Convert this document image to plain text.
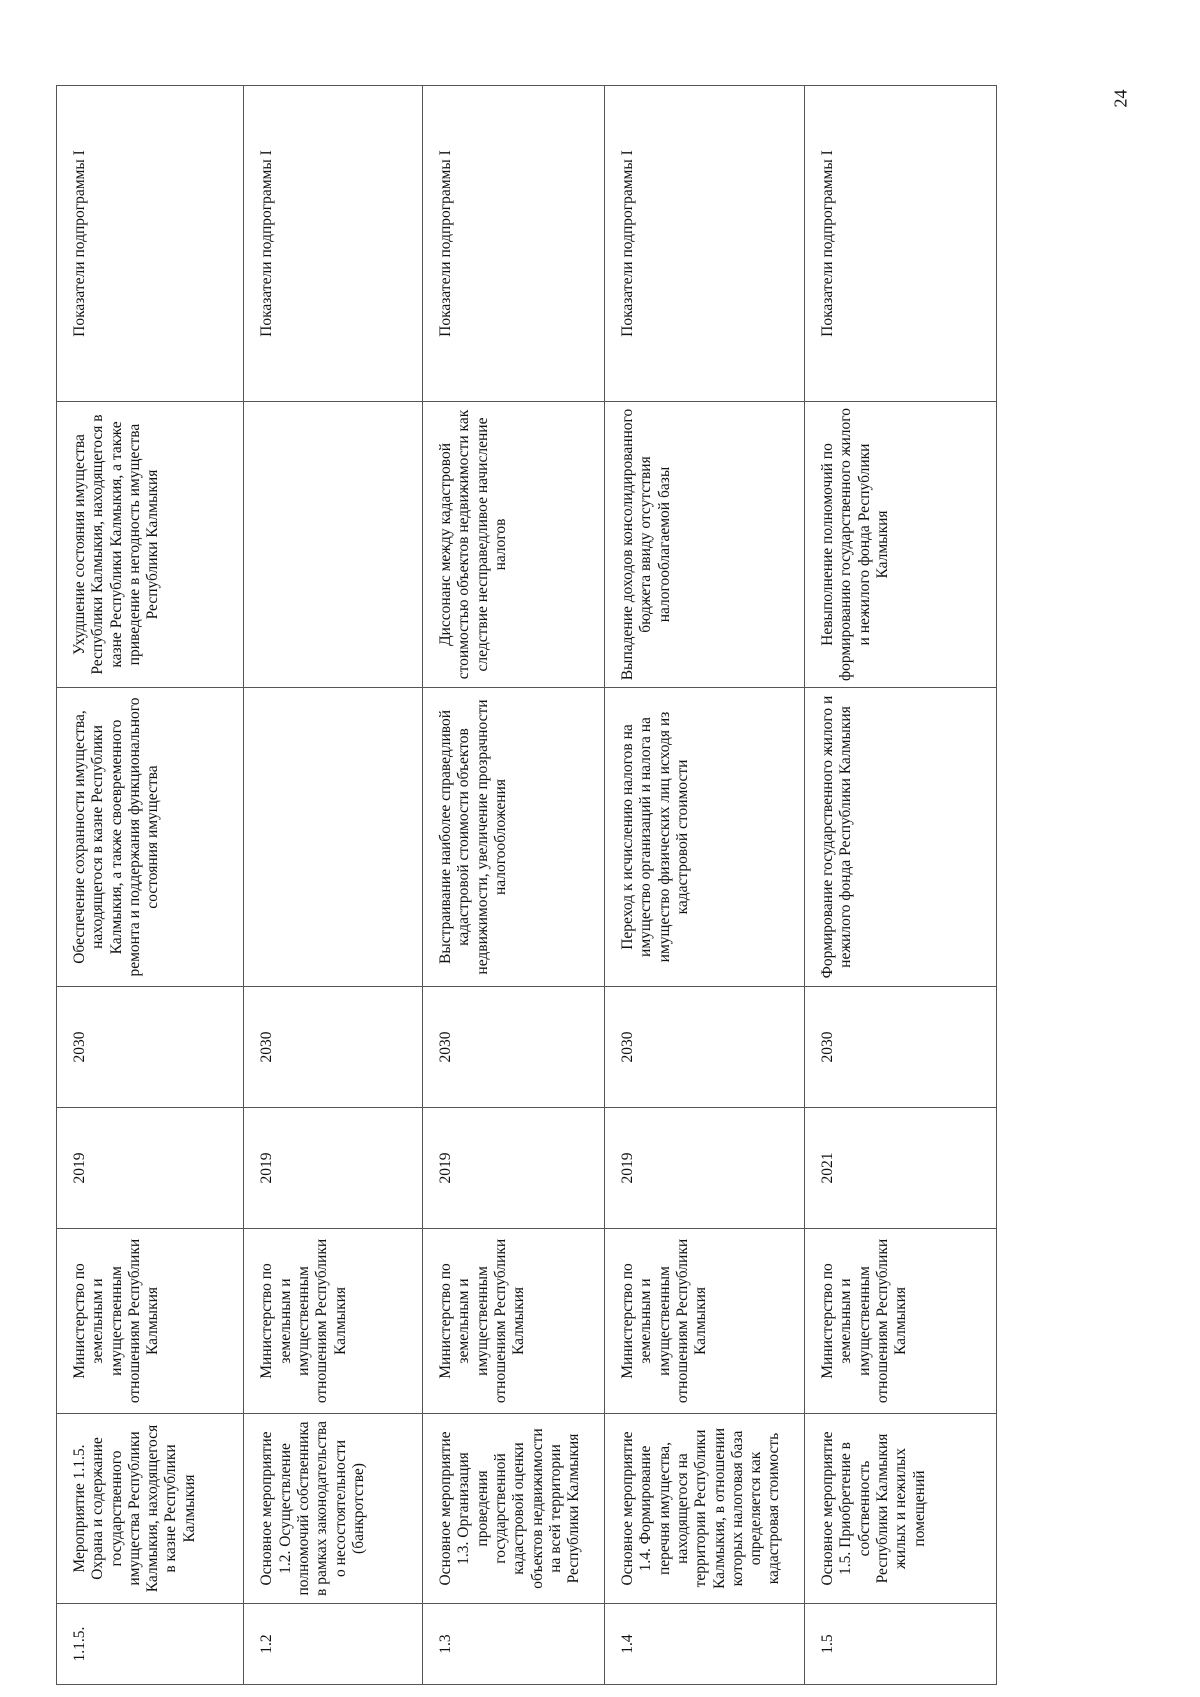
24
1.1.5.	Мероприятие 1.1.5. Охрана и содержание государственного имущества Республики Калмыкия, находящегося в казне Республики Калмыкия	Министерство по земельным и имущественным отношениям Республики Калмыкия	2019	2030	Обеспечение сохранности имущества, находящегося в казне Республики Калмыкия, а также своевременного ремонта и поддержания функционального состояния имущества	Ухудшение состояния имущества Республики Калмыкия, находящегося в казне Республики Калмыкия, а также приведение в негодность имущества Республики Калмыкия	Показатели подпрограммы I
1.2	Основное мероприятие 1.2. Осуществление полномочий собственника в рамках законодательства о несостоятельности (банкротстве)	Министерство по земельным и имущественным отношениям Республики Калмыкия	2019	2030			Показатели подпрограммы I
1.3	Основное мероприятие 1.3. Организация проведения государственной кадастровой оценки объектов недвижимости на всей территории Республики Калмыкия	Министерство по земельным и имущественным отношениям Республики Калмыкия	2019	2030	Выстраивание наиболее справедливой кадастровой стоимости объектов недвижимости, увеличение прозрачности налогообложения	Диссонанс между кадастровой стоимостью объектов недвижимости как следствие несправедливое начисление налогов	Показатели подпрограммы I
1.4	Основное мероприятие 1.4. Формирование перечня имущества, находящегося на территории Республики Калмыкия, в отношении которых налоговая база определяется как кадастровая стоимость	Министерство по земельным и имущественным отношениям Республики Калмыкия	2019	2030	Переход к исчислению налогов на имущество организаций и налога на имущество физических лиц исходя из кадастровой стоимости	Выпадение доходов консолидированного бюджета ввиду отсутствия налогооблагаемой базы	Показатели подпрограммы I
1.5	Основное мероприятие 1.5. Приобретение в собственность Республики Калмыкия жилых и нежилых помещений	Министерство по земельным и имущественным отношениям Республики Калмыкия	2021	2030	Формирование государственного жилого и нежилого фонда Республики Калмыкия	Невыполнение полномочий по формированию государственного жилого и нежилого фонда Республики Калмыкия	Показатели подпрограммы I
